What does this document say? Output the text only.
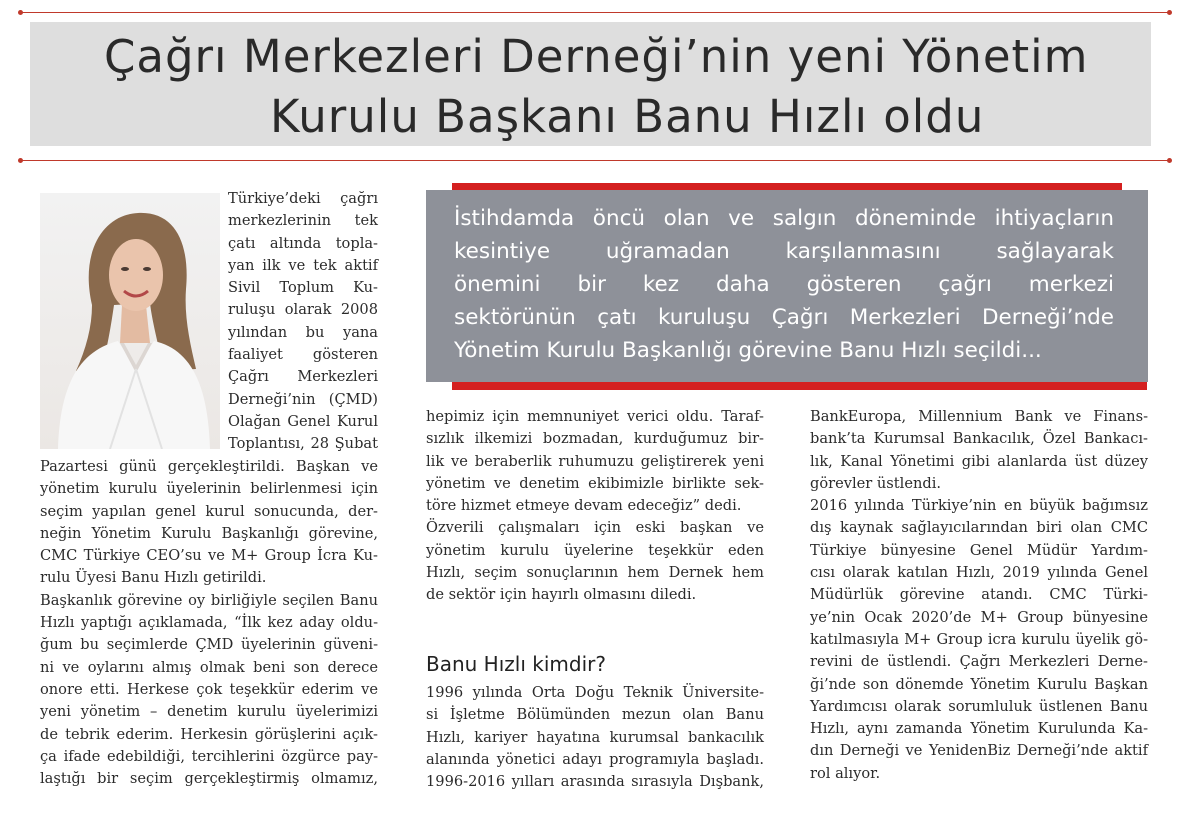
Çağrı Merkezleri Derneği’nin yeni Yönetim
Kurulu Başkanı Banu Hızlı oldu

Türkiye’deki çağrı

merkezlerinin tek

çatı altında topla-

yan ilk ve tek aktif

Sivil Toplum Ku-

ruluşu olarak 2008

yılından bu yana

faaliyet gösteren

Çağrı Merkezleri

Derneği’nin (ÇMD)

Olağan Genel Kurul

Toplantısı, 28 Şubat

Pazartesi günü gerçekleştirildi. Başkan ve

yönetim kurulu üyelerinin belirlenmesi için

seçim yapılan genel kurul sonucunda, der-

neğin Yönetim Kurulu Başkanlığı görevine,

CMC Türkiye CEO’su ve M+ Group İcra Ku-

rulu Üyesi Banu Hızlı getirildi.

Başkanlık görevine oy birliğiyle seçilen Banu

Hızlı yaptığı açıklamada, “İlk kez aday oldu-

ğum bu seçimlerde ÇMD üyelerinin güveni-

ni ve oylarını almış olmak beni son derece

onore etti. Herkese çok teşekkür ederim ve

yeni yönetim – denetim kurulu üyelerimizi

de tebrik ederim. Herkesin görüşlerini açık-

ça ifade edebildiği, tercihlerini özgürce pay-

laştığı bir seçim gerçekleştirmiş olmamız,

İstihdamda öncü olan ve salgın döneminde ihtiyaçların

kesintiye uğramadan karşılanmasını sağlayarak

önemini bir kez daha gösteren çağrı merkezi

sektörünün çatı kuruluşu Çağrı Merkezleri Derneği’nde

Yönetim Kurulu Başkanlığı görevine Banu Hızlı seçildi...

hepimiz için memnuniyet verici oldu. Taraf-

sızlık ilkemizi bozmadan, kurduğumuz bir-

lik ve beraberlik ruhumuzu geliştirerek yeni

yönetim ve denetim ekibimizle birlikte sek-

töre hizmet etmeye devam edeceğiz” dedi.

Özverili çalışmaları için eski başkan ve

yönetim kurulu üyelerine teşekkür eden

Hızlı, seçim sonuçlarının hem Dernek hem

de sektör için hayırlı olmasını diledi.

Banu Hızlı kimdir?

1996 yılında Orta Doğu Teknik Üniversite-

si İşletme Bölümünden mezun olan Banu

Hızlı, kariyer hayatına kurumsal bankacılık

alanında yönetici adayı programıyla başladı.

1996-2016 yılları arasında sırasıyla Dışbank,

BankEuropa, Millennium Bank ve Finans-

bank’ta Kurumsal Bankacılık, Özel Bankacı-

lık, Kanal Yönetimi gibi alanlarda üst düzey

görevler üstlendi.

2016 yılında Türkiye’nin en büyük bağımsız

dış kaynak sağlayıcılarından biri olan CMC

Türkiye bünyesine Genel Müdür Yardım-

cısı olarak katılan Hızlı, 2019 yılında Genel

Müdürlük görevine atandı. CMC Türki-

ye’nin Ocak 2020’de M+ Group bünyesine

katılmasıyla M+ Group icra kurulu üyelik gö-

revini de üstlendi. Çağrı Merkezleri Derne-

ği’nde son dönemde Yönetim Kurulu Başkan

Yardımcısı olarak sorumluluk üstlenen Banu

Hızlı, aynı zamanda Yönetim Kurulunda Ka-

dın Derneği ve YenidenBiz Derneği’nde aktif

rol alıyor.
